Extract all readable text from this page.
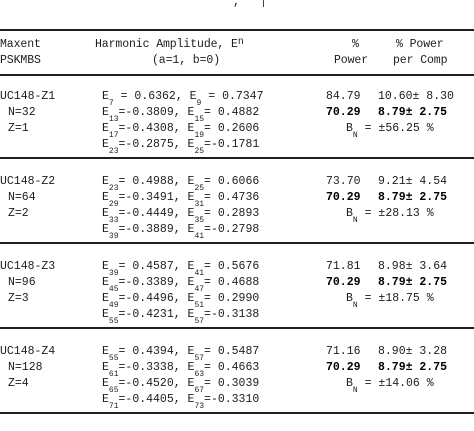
,
Maxent
PSKMBS
Harmonic Amplitude, $E_n$
(a=1, b=0)
%
Power
% Power
per Comp
UC148-Z1
N=32
Z=1
$E_7 = 0.6362$, $E_9 = 0.7347$
$E_{13}=-0.3809$, $E_{15}= 0.4882$
$E_{17}=-0.4308$, $E_{19}= 0.2606$
$E_{23}=-0.2875$, $E_{25}=-0.1781$
84.79
70.29
10.60± 8.30
8.79± 2.75
$B_N = \pm 56.25$ %
UC148-Z2
N=64
Z=2
$E_{23}= 0.4988$, $E_{25}= 0.6066$
$E_{29}=-0.3491$, $E_{31}= 0.4736$
$E_{33}=-0.4449$, $E_{35}= 0.2893$
$E_{39}=-0.3889$, $E_{41}=-0.2798$
73.70
70.29
9.21± 4.54
8.79± 2.75
$B_N = \pm 28.13$ %
UC148-Z3
N=96
Z=3
$E_{39}= 0.4587$, $E_{41}= 0.5676$
$E_{45}=-0.3389$, $E_{47}= 0.4688$
$E_{49}=-0.4496$, $E_{51}= 0.2990$
$E_{55}=-0.4231$, $E_{57}=-0.3138$
71.81
70.29
8.98± 3.64
8.79± 2.75
$B_N = \pm 18.75$ %
UC148-Z4
N=128
Z=4
$E_{55}= 0.4394$, $E_{57}= 0.5487$
$E_{61}=-0.3338$, $E_{63}= 0.4663$
$E_{65}=-0.4520$, $E_{67}= 0.3039$
$E_{71}=-0.4405$, $E_{73}=-0.3310$
71.16
70.29
8.90± 3.28
8.79± 2.75
$B_N = \pm 14.06$ %
